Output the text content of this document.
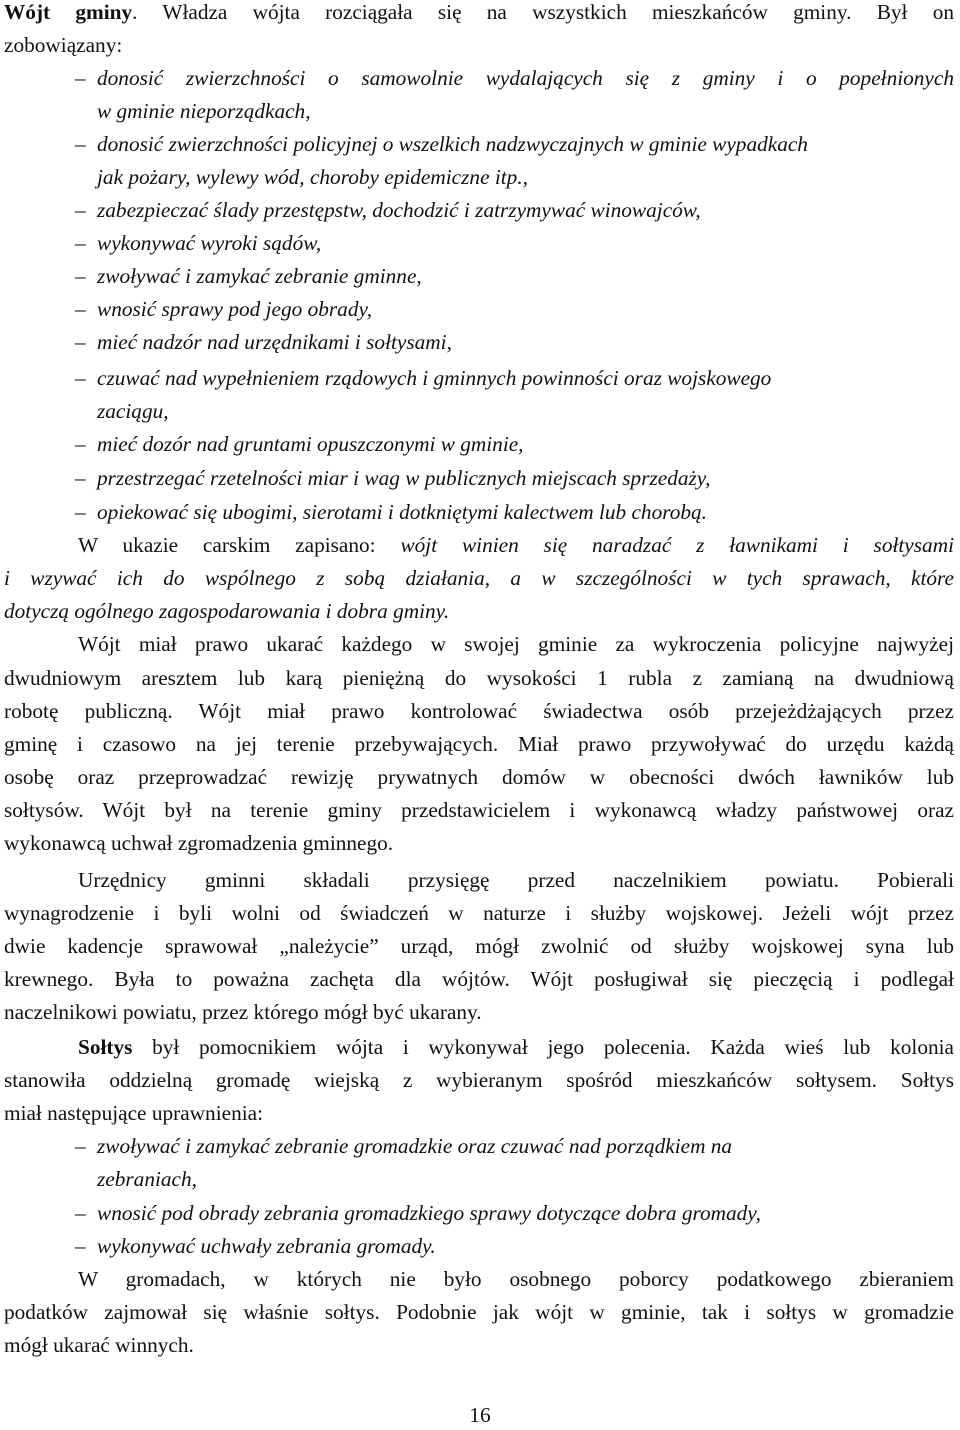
Wójt gminy. Władza wójta rozciągała się na wszystkich mieszkańców gminy. Był on
zobowiązany:
donosić zwierzchności o samowolnie wydalających się z gminy i o popełnionych
–
w gminie nieporządkach,
– donosić zwierzchności policyjnej o wszelkich nadzwyczajnych w gminie wypadkach
jak pożary, wylewy wód, choroby epidemiczne itp.,
– zabezpieczać ślady przestępstw, dochodzić i zatrzymywać winowajców,
– wykonywać wyroki sądów,
– zwoływać i zamykać zebranie gminne,
– wnosić sprawy pod jego obrady,
– mieć nadzór nad urzędnikami i sołtysami,
– czuwać nad wypełnieniem rządowych i gminnych powinności oraz wojskowego
zaciągu,
– mieć dozór nad gruntami opuszczonymi w gminie,
– przestrzegać rzetelności miar i wag w publicznych miejscach sprzedaży,
– opiekować się ubogimi, sierotami i dotkniętymi kalectwem lub chorobą.
W ukazie carskim zapisano: wójt winien się naradzać z ławnikami i sołtysami
i wzywać ich do wspólnego z sobą działania, a w szczególności w tych sprawach, które
dotyczą ogólnego zagospodarowania i dobra gminy.
Wójt miał prawo ukarać każdego w swojej gminie za wykroczenia policyjne najwyżej
dwudniowym aresztem lub karą pieniężną do wysokości 1 rubla z zamianą na dwudniową
robotę publiczną. Wójt miał prawo kontrolować świadectwa osób przejeżdżających przez
gminę i czasowo na jej terenie przebywających. Miał prawo przywoływać do urzędu każdą
osobę oraz przeprowadzać rewizję prywatnych domów w obecności dwóch ławników lub
sołtysów. Wójt był na terenie gminy przedstawicielem i wykonawcą władzy państwowej oraz
wykonawcą uchwał zgromadzenia gminnego.
Urzędnicy gminni składali przysięgę przed naczelnikiem powiatu. Pobierali
wynagrodzenie i byli wolni od świadczeń w naturze i służby wojskowej. Jeżeli wójt przez
dwie kadencje sprawował „należycie” urząd, mógł zwolnić od służby wojskowej syna lub
krewnego. Była to poważna zachęta dla wójtów. Wójt posługiwał się pieczęcią i podlegał
naczelnikowi powiatu, przez którego mógł być ukarany.
Sołtys był pomocnikiem wójta i wykonywał jego polecenia. Każda wieś lub kolonia
stanowiła oddzielną gromadę wiejską z wybieranym spośród mieszkańców sołtysem. Sołtys
miał następujące uprawnienia:
– zwoływać i zamykać zebranie gromadzkie oraz czuwać nad porządkiem na
zebraniach,
– wnosić pod obrady zebrania gromadzkiego sprawy dotyczące dobra gromady,
– wykonywać uchwały zebrania gromady.
W gromadach, w których nie było osobnego poborcy podatkowego zbieraniem
podatków zajmował się właśnie sołtys. Podobnie jak wójt w gminie, tak i sołtys w gromadzie
mógł ukarać winnych.
16
